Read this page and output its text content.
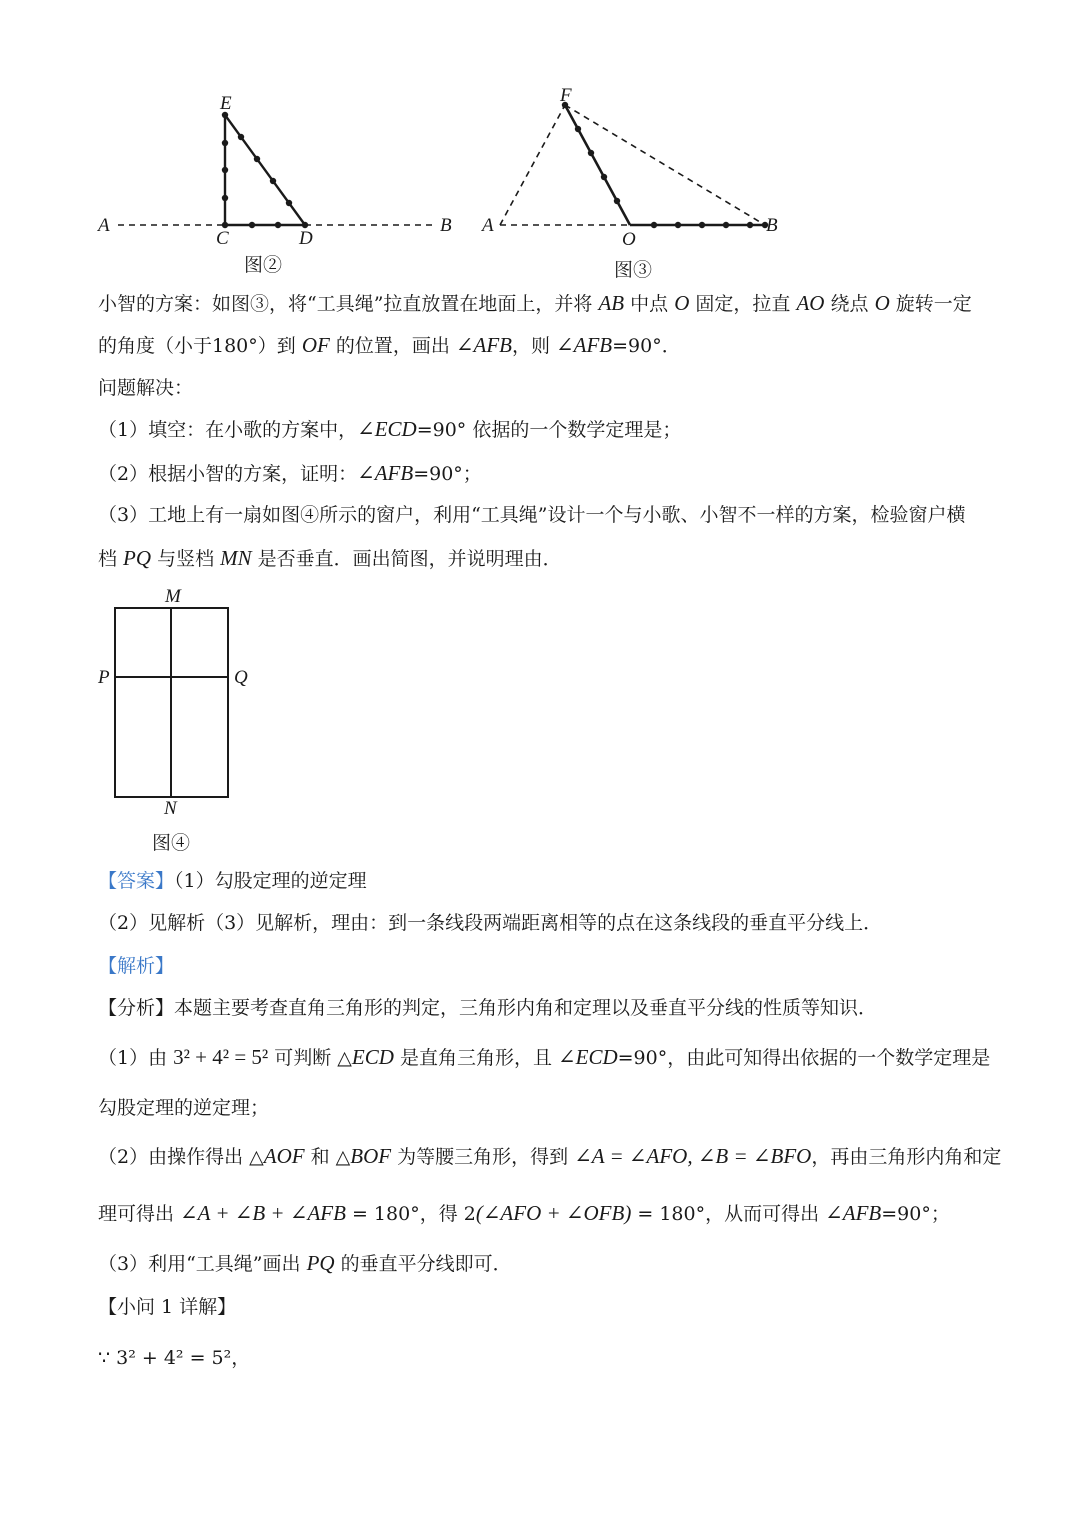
A	B
C	D
E
图②
A	B
O
F
图③
小智的方案：如图③，将“工具绳”拉直放置在地面上，并将 AB 中点 O 固定，拉直 AO 绕点 O 旋转一定
的角度（小于180°）到 OF 的位置，画出 ∠AFB，则 ∠AFB=90°．
问题解决：
（1）填空：在小歌的方案中，∠ECD=90° 依据的一个数学定理是；
（2）根据小智的方案，证明：∠AFB=90°；
（3）工地上有一扇如图④所示的窗户，利用“工具绳”设计一个与小歌、小智不一样的方案，检验窗户横
档 PQ 与竖档 MN 是否垂直．画出简图，并说明理由．
M
N
P	Q
图④
【答案】（1）勾股定理的逆定理
（2）见解析（3）见解析，理由：到一条线段两端距离相等的点在这条线段的垂直平分线上．
【解析】
【分析】本题主要考查直角三角形的判定，三角形内角和定理以及垂直平分线的性质等知识．
（1）由 3² + 4² = 5² 可判断 △ECD 是直角三角形，且 ∠ECD=90°，由此可知得出依据的一个数学定理是
勾股定理的逆定理；
（2）由操作得出 △AOF 和 △BOF 为等腰三角形，得到 ∠A = ∠AFO, ∠B = ∠BFO，再由三角形内角和定
理可得出 ∠A + ∠B + ∠AFB = 180°，得 2(∠AFO + ∠OFB) = 180°，从而可得出 ∠AFB=90°；
（3）利用“工具绳”画出 PQ 的垂直平分线即可．
【小问 1 详解】
∵ 3² + 4² = 5²，
